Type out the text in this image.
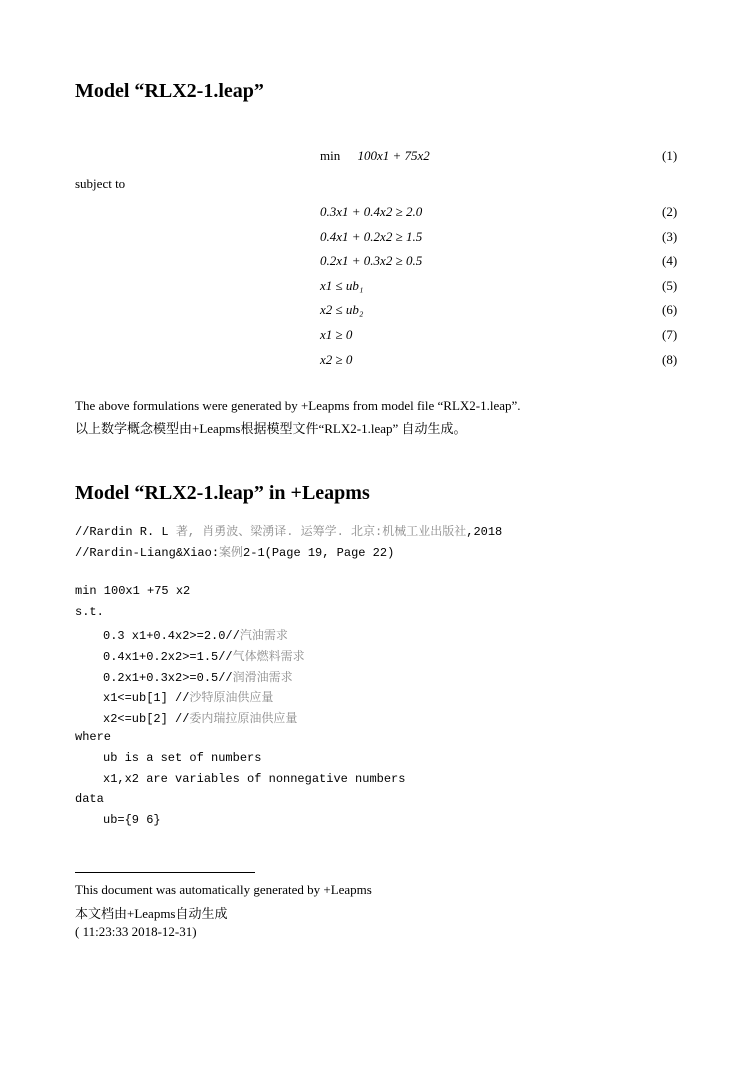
Model “RLX2-1.leap”
min 100x1 + 75x2	(1)
subject to
0.3x1 + 0.4x2 ≥ 2.0	(2)
0.4x1 + 0.2x2 ≥ 1.5	(3)
0.2x1 + 0.3x2 ≥ 0.5	(4)
x1 ≤ ub₁	(5)
x2 ≤ ub₂	(6)
x1 ≥ 0	(7)
x2 ≥ 0	(8)
The above formulations were generated by +Leapms from model file “RLX2-1.leap”.
以上数学概念模型由+Leapms根据模型文件“RLX2-1.leap” 自动生成。
Model “RLX2-1.leap” in +Leapms
//Rardin R. L 著, 肖勇波、梁湧译. 运筹学. 北京:机械工业出版社,2018
//Rardin-Liang&Xiao:案例2-1(Page 19, Page 22)
min 100x1 +75 x2
s.t.
0.3 x1+0.4x2>=2.0//汽油需求
0.4x1+0.2x2>=1.5//气体燃料需求
0.2x1+0.3x2>=0.5//润滑油需求
x1<=ub[1] //沙特原油供应量
x2<=ub[2] //委内瑞拉原油供应量
where
ub is a set of numbers
x1,x2 are variables of nonnegative numbers
data
ub={9 6}
This document was automatically generated by +Leapms
本文档由+Leapms自动生成
( 11:23:33 2018-12-31)
